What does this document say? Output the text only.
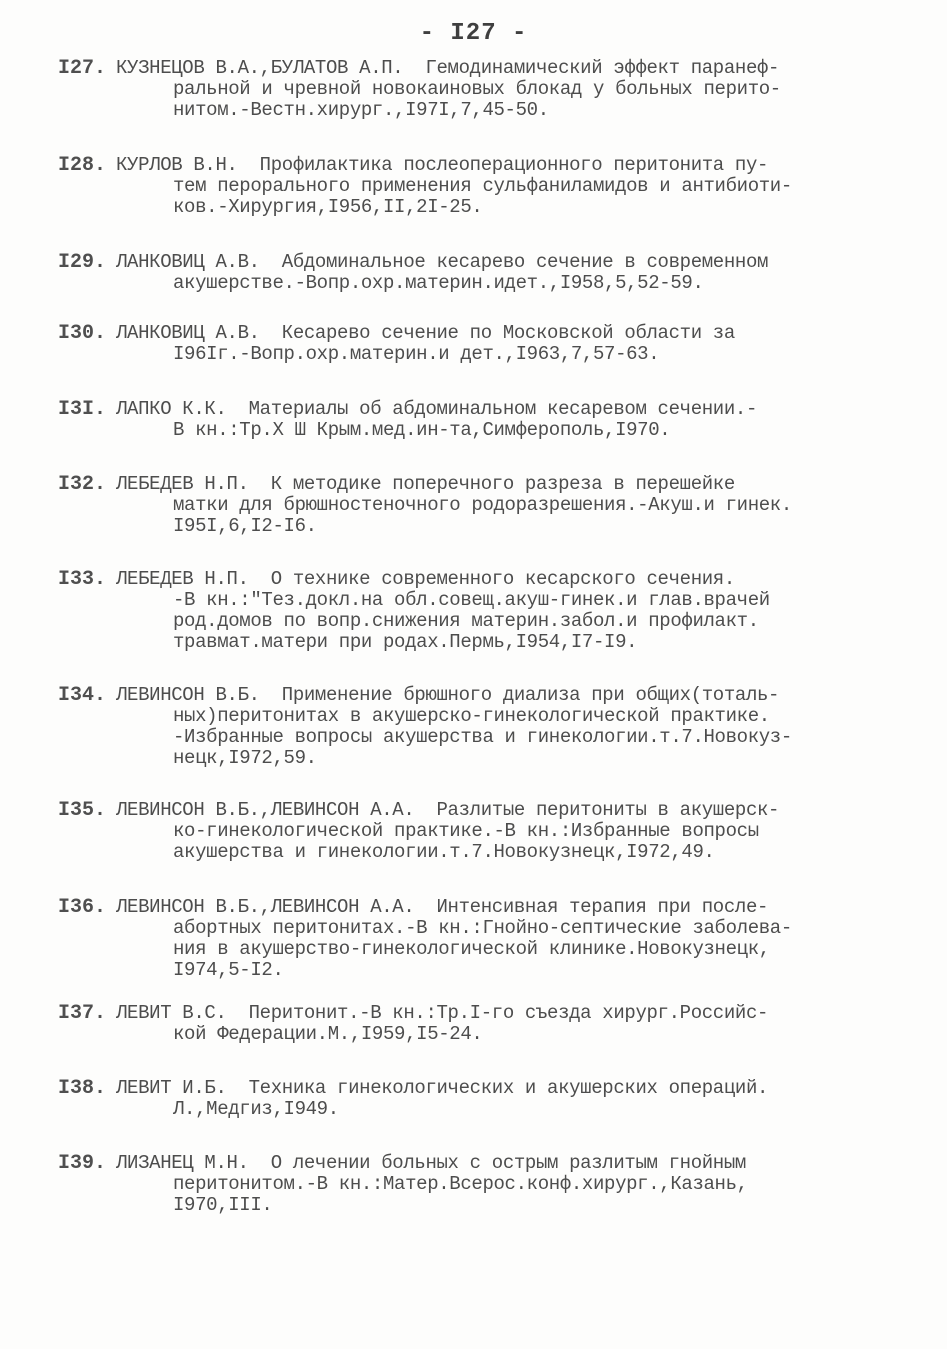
- I27 -
I27. КУЗНЕЦОВ В.А.,БУЛАТОВ А.П.  Гемодинамический эффект паранеф-
ральной и чревной новокаиновых блокад у больных перито-
нитом.-Вестн.хирург.,I97I,7,45-50.
I28. КУРЛОВ В.Н.  Профилактика послеоперационного перитонита пу-
тем перорального применения сульфаниламидов и антибиоти-
ков.-Хирургия,I956,II,2I-25.
I29. ЛАНКОВИЦ А.В.  Абдоминальное кесарево сечение в современном
акушерстве.-Вопр.охр.материн.идет.,I958,5,52-59.
I30. ЛАНКОВИЦ А.В.  Кесарево сечение по Московской области за
I96Iг.-Вопр.охр.материн.и дет.,I963,7,57-63.
I3I. ЛАПКО К.К.  Материалы об абдоминальном кесаревом сечении.-
В кн.:Тр.Х Ш Крым.мед.ин-та,Симферополь,I970.
I32. ЛЕБЕДЕВ Н.П.  К методике поперечного разреза в перешейке
матки для брюшностеночного родоразрешения.-Акуш.и гинек.
I95I,6,I2-I6.
I33. ЛЕБЕДЕВ Н.П.  О технике современного кесарского сечения.
-В кн.:"Тез.докл.на обл.совещ.акуш-гинек.и глав.врачей
род.домов по вопр.снижения материн.забол.и профилакт.
травмат.матери при родах.Пермь,I954,I7-I9.
I34. ЛЕВИНСОН В.Б.  Применение брюшного диализа при общих(тоталь-
ных)перитонитах в акушерско-гинекологической практике.
-Избранные вопросы акушерства и гинекологии.т.7.Новокуз-
нецк,I972,59.
I35. ЛЕВИНСОН В.Б.,ЛЕВИНСОН А.А.  Разлитые перитониты в акушерск-
ко-гинекологической практике.-В кн.:Избранные вопросы
акушерства и гинекологии.т.7.Новокузнецк,I972,49.
I36. ЛЕВИНСОН В.Б.,ЛЕВИНСОН А.А.  Интенсивная терапия при после-
абортных перитонитах.-В кн.:Гнойно-септические заболева-
ния в акушерство-гинекологической клинике.Новокузнецк,
I974,5-I2.
I37. ЛЕВИТ В.С.  Перитонит.-В кн.:Тр.I-го съезда хирург.Российс-
кой Федерации.М.,I959,I5-24.
I38. ЛЕВИТ И.Б.  Техника гинекологических и акушерских операций.
Л.,Медгиз,I949.
I39. ЛИЗАНЕЦ М.Н.  О лечении больных с острым разлитым гнойным
перитонитом.-В кн.:Матер.Всерос.конф.хирург.,Казань,
I970,III.
